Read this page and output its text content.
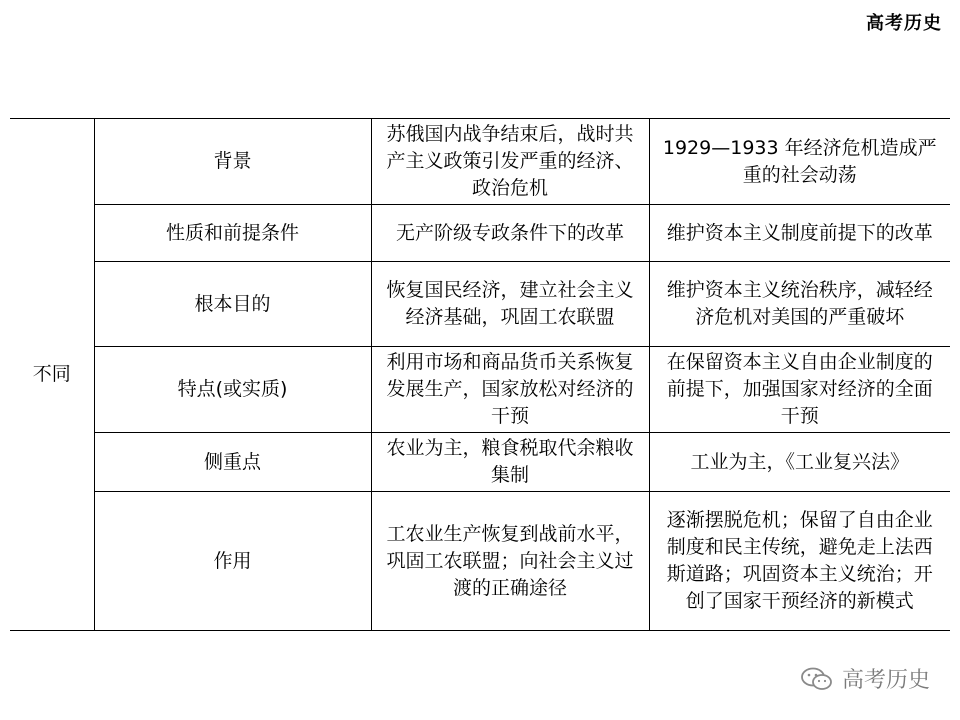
高考历史
不同	背景	苏俄国内战争结束后，战时共产主义政策引发严重的经济、政治危机	1929—1933 年经济危机造成严重的社会动荡
	性质和前提条件	无产阶级专政条件下的改革	维护资本主义制度前提下的改革
	根本目的	恢复国民经济，建立社会主义经济基础，巩固工农联盟	维护资本主义统治秩序，减轻经济危机对美国的严重破坏
	特点(或实质)	利用市场和商品货币关系恢复发展生产，国家放松对经济的干预	在保留资本主义自由企业制度的前提下，加强国家对经济的全面干预
	侧重点	农业为主，粮食税取代余粮收集制	工业为主，《工业复兴法》
	作用	工农业生产恢复到战前水平，巩固工农联盟；向社会主义过渡的正确途径	逐渐摆脱危机；保留了自由企业制度和民主传统，避免走上法西斯道路；巩固资本主义统治；开创了国家干预经济的新模式
高考历史
